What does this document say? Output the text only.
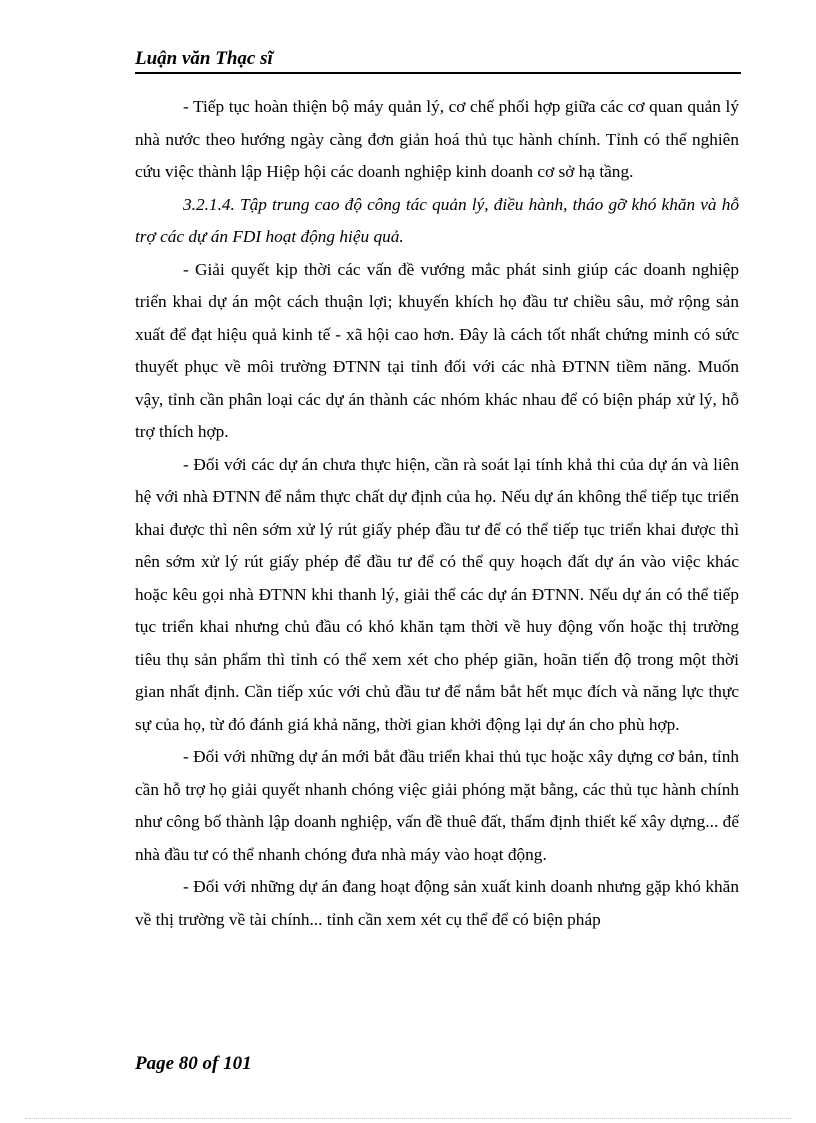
Luận văn Thạc sĩ

- Tiếp tục hoàn thiện bộ máy quản lý, cơ chế phối hợp giữa các cơ quan quản lý nhà nước theo hướng ngày càng đơn giản hoá thủ tục hành chính. Tỉnh có thể nghiên cứu việc thành lập Hiệp hội các doanh nghiệp kinh doanh cơ sở hạ tầng.

3.2.1.4. Tập trung cao độ công tác quản lý, điều hành, tháo gỡ khó khăn và hỗ trợ các dự án FDI hoạt động hiệu quả.

- Giải quyết kịp thời các vấn đề vướng mắc phát sinh giúp các doanh nghiệp triển khai dự án một cách thuận lợi; khuyến khích họ đầu tư chiều sâu, mở rộng sản xuất để đạt hiệu quả kinh tế - xã hội cao hơn. Đây là cách tốt nhất chứng minh có sức thuyết phục về môi trường ĐTNN tại tỉnh đối với các nhà ĐTNN tiềm năng. Muốn vậy, tỉnh cần phân loại các dự án thành các nhóm khác nhau để có biện pháp xử lý, hỗ trợ thích hợp.

- Đối với các dự án chưa thực hiện, cần rà soát lại tính khả thi của dự án và liên hệ với nhà ĐTNN để nắm thực chất dự định của họ. Nếu dự án không thể tiếp tục triển khai được thì nên sớm xử lý rút giấy phép đầu tư để có thể tiếp tục triển khai được thì nên sớm xử lý rút giấy phép để đầu tư để có thể quy hoạch đất dự án vào việc khác hoặc kêu gọi nhà ĐTNN khi thanh lý, giải thể các dự án ĐTNN. Nếu dự án có thể tiếp tục triển khai nhưng chủ đầu có khó khăn tạm thời về huy động vốn hoặc thị trường tiêu thụ sản phẩm thì tỉnh có thể xem xét cho phép giãn, hoãn tiến độ trong một thời gian nhất định. Cần tiếp xúc với chủ đầu tư để nắm bắt hết mục đích và năng lực thực sự của họ, từ đó đánh giá khả năng, thời gian khởi động lại dự án cho phù hợp.

- Đối với những dự án mới bắt đầu triển khai thủ tục hoặc xây dựng cơ bản, tỉnh cần hỗ trợ họ giải quyết nhanh chóng việc giải phóng mặt bằng, các thủ tục hành chính như công bố thành lập doanh nghiệp, vấn đề thuê đất, thẩm định thiết kế xây dựng... để nhà đầu tư có thể nhanh chóng đưa nhà máy vào hoạt động.

- Đối với những dự án đang hoạt động sản xuất kinh doanh nhưng gặp khó khăn về thị trường về tài chính... tỉnh cần xem xét cụ thể để có biện pháp

Page 80 of 101
